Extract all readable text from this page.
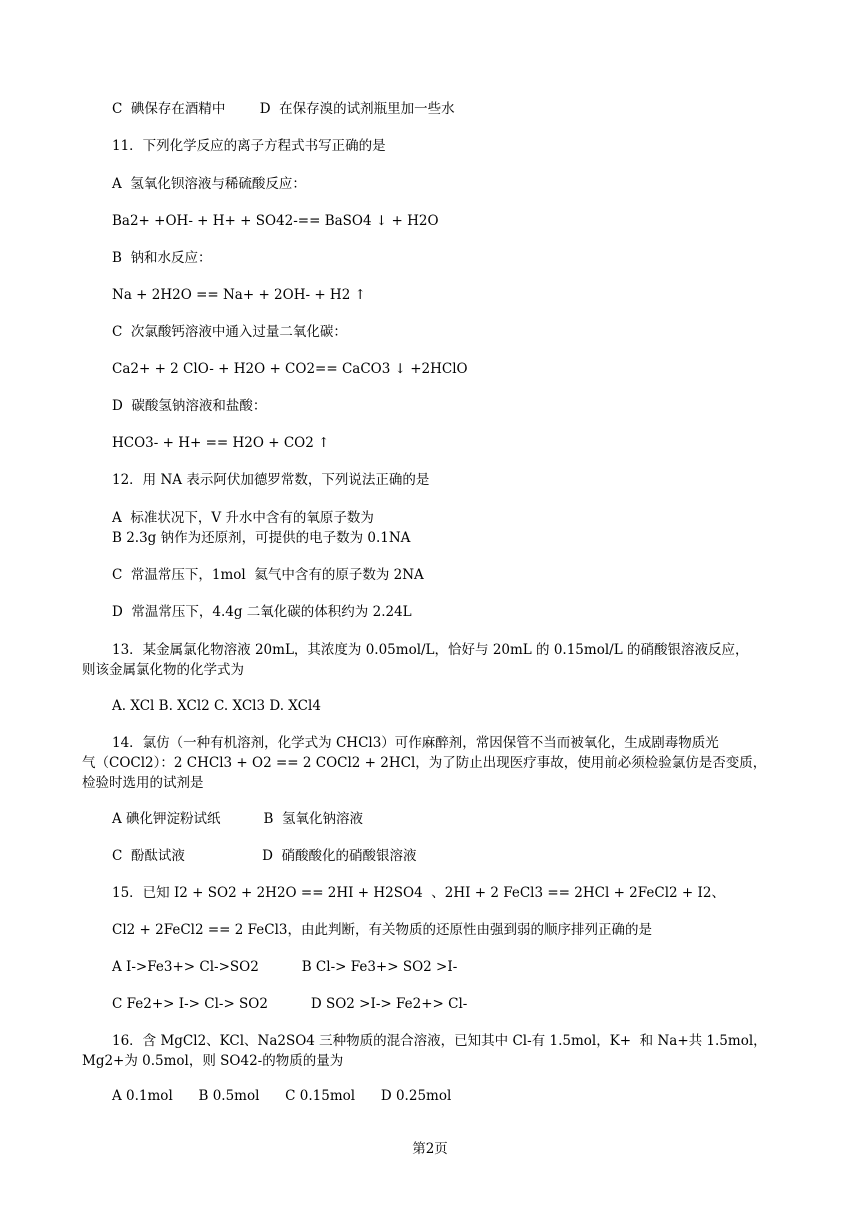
C  碘保存在酒精中        D  在保存溴的试剂瓶里加一些水
11．下列化学反应的离子方程式书写正确的是
A  氢氧化钡溶液与稀硫酸反应：
Ba2+ +OH- + H+ + SO42-== BaSO4 ↓ + H2O
B  钠和水反应：
Na + 2H2O == Na+ + 2OH- + H2 ↑
C  次氯酸钙溶液中通入过量二氧化碳：
Ca2+ + 2 ClO- + H2O + CO2== CaCO3 ↓ +2HClO
D  碳酸氢钠溶液和盐酸：
HCO3- + H+ == H2O + CO2 ↑
12．用 NA 表示阿伏加德罗常数，下列说法正确的是
A  标准状况下，V 升水中含有的氧原子数为
B 2.3g 钠作为还原剂，可提供的电子数为 0.1NA
C  常温常压下，1mol  氦气中含有的原子数为 2NA
D  常温常压下，4.4g 二氧化碳的体积约为 2.24L
13．某金属氯化物溶液 20mL，其浓度为 0.05mol/L，恰好与 20mL 的 0.15mol/L 的硝酸银溶液反应，
则该金属氯化物的化学式为
A. XCl B. XCl2 C. XCl3 D. XCl4
14．氯仿（一种有机溶剂，化学式为 CHCl3）可作麻醉剂，常因保管不当而被氧化，生成剧毒物质光
气（COCl2）：2 CHCl3 + O2 == 2 COCl2 + 2HCl，为了防止出现医疗事故，使用前必须检验氯仿是否变质，
检验时选用的试剂是
A 碘化钾淀粉试纸          B  氢氧化钠溶液
C  酚酞试液                  D  硝酸酸化的硝酸银溶液
15．已知 I2 + SO2 + 2H2O == 2HI + H2SO4  、2HI + 2 FeCl3 == 2HCl + 2FeCl2 + I2、
Cl2 + 2FeCl2 == 2 FeCl3，由此判断，有关物质的还原性由强到弱的顺序排列正确的是
A I->Fe3+> Cl->SO2          B Cl-> Fe3+> SO2 >I-
C Fe2+> I-> Cl-> SO2          D SO2 >I-> Fe2+> Cl-
16．含 MgCl2、KCl、Na2SO4 三种物质的混合溶液，已知其中 Cl-有 1.5mol，K+  和 Na+共 1.5mol，
Mg2+为 0.5mol，则 SO42-的物质的量为
A 0.1mol      B 0.5mol      C 0.15mol      D 0.25mol
第2页
